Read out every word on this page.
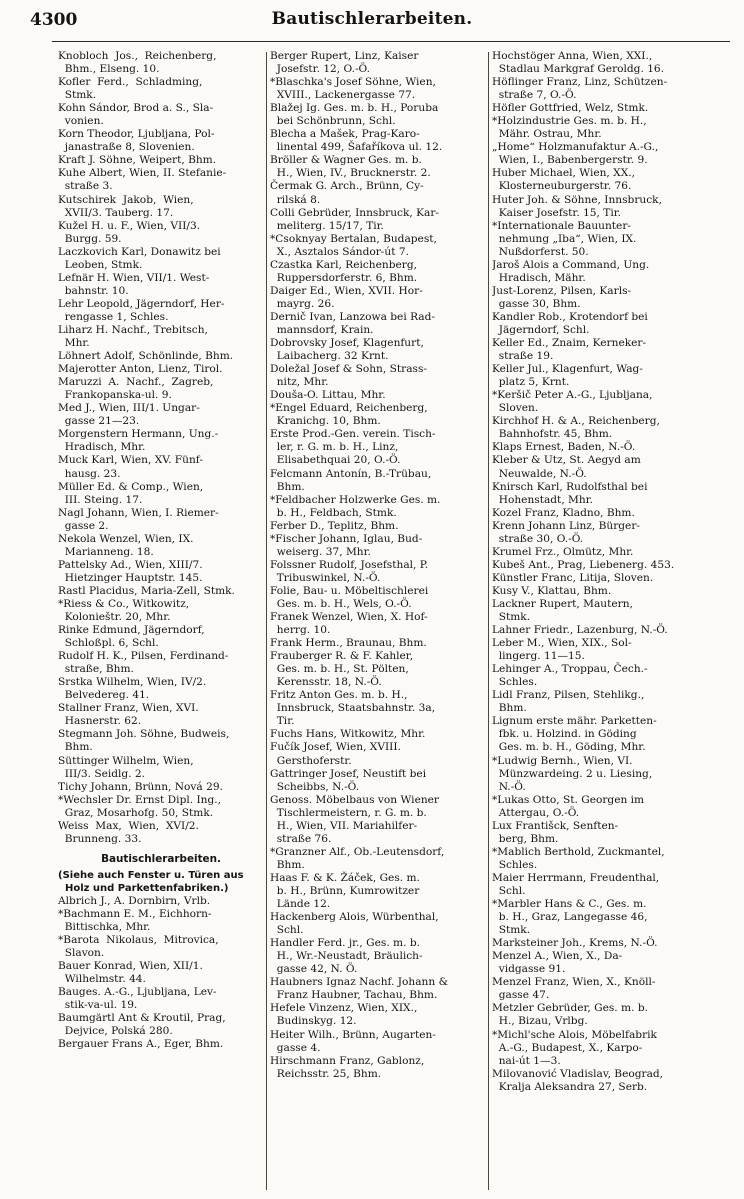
4300	Bautischlerarbeiten.
Knobloch  Jos.,  Reichenberg,
Bhm., Elseng. 10.
Kofler  Ferd.,  Schladming,
Stmk.
Kohn Sándor, Brod a. S., Sla-
vonien.
Korn Theodor, Ljubljana, Pol-
janastraße 8, Slovenien.
Kraft J. Söhne, Weipert, Bhm.
Kuhe Albert, Wien, II. Stefanie-
straße 3.
Kutschirek  Jakob,  Wien,
XVII/3. Tauberg. 17.
Kužel H. u. F., Wien, VII/3.
Burgg. 59.
Laczkovich Karl, Donawitz bei
Leoben, Stmk.
Lefnär H. Wien, VII/1. West-
bahnstr. 10.
Lehr Leopold, Jägerndorf, Her-
rengasse 1, Schles.
Liharz H. Nachf., Trebitsch,
Mhr.
Löhnert Adolf, Schönlinde, Bhm.
Majerotter Anton, Lienz, Tirol.
Maruzzi  A.  Nachf.,  Zagreb,
Frankopanska-ul. 9.
Med J., Wien, III/1. Ungar-
gasse 21—23.
Morgenstern Hermann, Ung.-
Hradisch, Mhr.
Muck Karl, Wien, XV. Fünf-
hausg. 23.
Müller Ed. & Comp., Wien,
III. Steing. 17.
Nagl Johann, Wien, I. Riemer-
gasse 2.
Nekola Wenzel, Wien, IX.
Marianneng. 18.
Pattelsky Ad., Wien, XIII/7.
Hietzinger Hauptstr. 145.
Rastl Placidus, Maria-Zell, Stmk.
*Riess & Co., Witkowitz,
Kolonieštr. 20, Mhr.
Rinke Edmund, Jägerndorf,
Schloßpl. 6, Schl.
Rudolf H. K., Pilsen, Ferdinand-
straße, Bhm.
Srstka Wilhelm, Wien, IV/2.
Belvedereg. 41.
Stallner Franz, Wien, XVI.
Hasnerstr. 62.
Stegmann Joh. Söhne, Budweis,
Bhm.
Süttinger Wilhelm, Wien,
III/3. Seidlg. 2.
Tichy Johann, Brünn, Nová 29.
*Wechsler Dr. Ernst Dipl. Ing.,
Graz, Mosarhofg. 50, Stmk.
Weiss  Max,  Wien,  XVI/2.
Brunneng. 33.
Bautischlerarbeiten.
(Siehe auch Fenster u. Türen aus
Holz und Parkettenfabriken.)
Albrich J., A. Dornbirn, Vrlb.
*Bachmann E. M., Eichhorn-
Bittischka, Mhr.
*Barota  Nikolaus,  Mitrovica,
Slavon.
Bauer Konrad, Wien, XII/1.
Wilhelmstr. 44.
Bauges. A.-G., Ljubljana, Lev-
stik-va-ul. 19.
Baumgärtl Ant & Kroutil, Prag,
Dejvice, Polská 280.
Bergauer Frans A., Eger, Bhm.
Berger Rupert, Linz, Kaiser
Josefstr. 12, O.-Ö.
*Blaschka's Josef Söhne, Wien,
XVIII., Lackenergasse 77.
Blažej Ig. Ges. m. b. H., Poruba
bei Schönbrunn, Schl.
Blecha a Mašek, Prag-Karo-
linental 499, Šafaříkova ul. 12.
Bröller & Wagner Ges. m. b.
H., Wien, IV., Brucknerstr. 2.
Čermak G. Arch., Brünn, Cy-
rilská 8.
Colli Gebrüder, Innsbruck, Kar-
meliterg. 15/17, Tir.
*Csoknyay Bertalan, Budapest,
X., Asztalos Sándor-út 7.
Czastka Karl, Reichenberg,
Ruppersdorferstr. 6, Bhm.
Daiger Ed., Wien, XVII. Hor-
mayrg. 26.
Dernič Ivan, Lanzowa bei Rad-
mannsdorf, Krain.
Dobrovsky Josef, Klagenfurt,
Laibacherg. 32 Krnt.
Doležal Josef & Sohn, Strass-
nitz, Mhr.
Douša-O. Littau, Mhr.
*Engel Eduard, Reichenberg,
Kranichg. 10, Bhm.
Erste Prod.-Gen. verein. Tisch-
ler, r. G. m. b. H., Linz,
Elisabethquai 20, O.-Ö.
Felcmann Antonín, B.-Trübau,
Bhm.
*Feldbacher Holzwerke Ges. m.
b. H., Feldbach, Stmk.
Ferber D., Teplitz, Bhm.
*Fischer Johann, Iglau, Bud-
weiserg. 37, Mhr.
Folssner Rudolf, Josefsthal, P.
Tribuswinkel, N.-Ö.
Folie, Bau- u. Möbeltischlerei
Ges. m. b. H., Wels, O.-Ö.
Franek Wenzel, Wien, X. Hof-
herrg. 10.
Frank Herm., Braunau, Bhm.
Frauberger R. & F. Kahler,
Ges. m. b. H., St. Pölten,
Kerensstr. 18, N.-Ö.
Fritz Anton Ges. m. b. H.,
Innsbruck, Staatsbahnstr. 3a,
Tir.
Fuchs Hans, Witkowitz, Mhr.
Fučík Josef, Wien, XVIII.
Gersthoferstr.
Gattringer Josef, Neustift bei
Scheibbs, N.-Ö.
Genoss. Möbelbaus von Wiener
Tischlermeistern, r. G. m. b.
H., Wien, VII. Mariahilfer-
straße 76.
*Granzner Alf., Ob.-Leutensdorf,
Bhm.
Haas F. & K. Žáček, Ges. m.
b. H., Brünn, Kumrowitzer
Lände 12.
Hackenberg Alois, Würbenthal,
Schl.
Handler Ferd. jr., Ges. m. b.
H., Wr.-Neustadt, Bräulich-
gasse 42, N. Ö.
Haubners Ignaz Nachf. Johann &
Franz Haubner, Tachau, Bhm.
Hefele Vinzenz, Wien, XIX.,
Budinskyg. 12.
Heiter Wilh., Brünn, Augarten-
gasse 4.
Hirschmann Franz, Gablonz,
Reichsstr. 25, Bhm.
Hochstöger Anna, Wien, XXI.,
Stadlau Markgraf Geroldg. 16.
Höflinger Franz, Linz, Schützen-
straße 7, O.-Ö.
Höfler Gottfried, Welz, Stmk.
*Holzindustrie Ges. m. b. H.,
Mähr. Ostrau, Mhr.
„Home“ Holzmanufaktur A.-G.,
Wien, I., Babenbergerstr. 9.
Huber Michael, Wien, XX.,
Klosterneuburgerstr. 76.
Huter Joh. & Söhne, Innsbruck,
Kaiser Josefstr. 15, Tir.
*Internationale Bauunter-
nehmung „Iba“, Wien, IX.
Nußdorferst. 50.
Jaroš Alois a Command, Ung.
Hradisch, Mähr.
Just-Lorenz, Pilsen, Karls-
gasse 30, Bhm.
Kandler Rob., Krotendorf bei
Jägerndorf, Schl.
Keller Ed., Znaim, Kerneker-
straße 19.
Keller Jul., Klagenfurt, Wag-
platz 5, Krnt.
*Keršič Peter A.-G., Ljubljana,
Sloven.
Kirchhof H. & A., Reichenberg,
Bahnhofstr. 45, Bhm.
Klaps Ernest, Baden, N.-Ö.
Kleber & Utz, St. Aegyd am
Neuwalde, N.-Ö.
Knirsch Karl, Rudolfsthal bei
Hohenstadt, Mhr.
Kozel Franz, Kladno, Bhm.
Krenn Johann Linz, Bürger-
straße 30, O.-Ö.
Krumel Frz., Olmütz, Mhr.
Kubeš Ant., Prag, Liebenerg. 453.
Künstler Franc, Litija, Sloven.
Kusy V., Klattau, Bhm.
Lackner Rupert, Mautern,
Stmk.
Lahner Friedr., Lazenburg, N.-Ö.
Leber M., Wien, XIX., Sol-
lingerg. 11—15.
Lehinger A., Troppau, Čech.-
Schles.
Lidl Franz, Pilsen, Stehlikg.,
Bhm.
Lignum erste mähr. Parketten-
fbk. u. Holzind. in Göding
Ges. m. b. H., Göding, Mhr.
*Ludwig Bernh., Wien, VI.
Münzwardeing. 2 u. Liesing,
N.-Ö.
*Lukas Otto, St. Georgen im
Attergau, O.-Ö.
Lux Františck, Senften-
berg, Bhm.
*Mablich Berthold, Zuckmantel,
Schles.
Maier Herrmann, Freudenthal,
Schl.
*Marbler Hans & C., Ges. m.
b. H., Graz, Langegasse 46,
Stmk.
Marksteiner Joh., Krems, N.-Ö.
Menzel A., Wien, X., Da-
vidgasse 91.
Menzel Franz, Wien, X., Knöll-
gasse 47.
Metzler Gebrüder, Ges. m. b.
H., Bizau, Vrlbg.
*Michl'sche Alois, Möbelfabrik
A.-G., Budapest, X., Karpo-
nai-út 1—3.
Milovanović Vladislav, Beograd,
Kralja Aleksandra 27, Serb.
